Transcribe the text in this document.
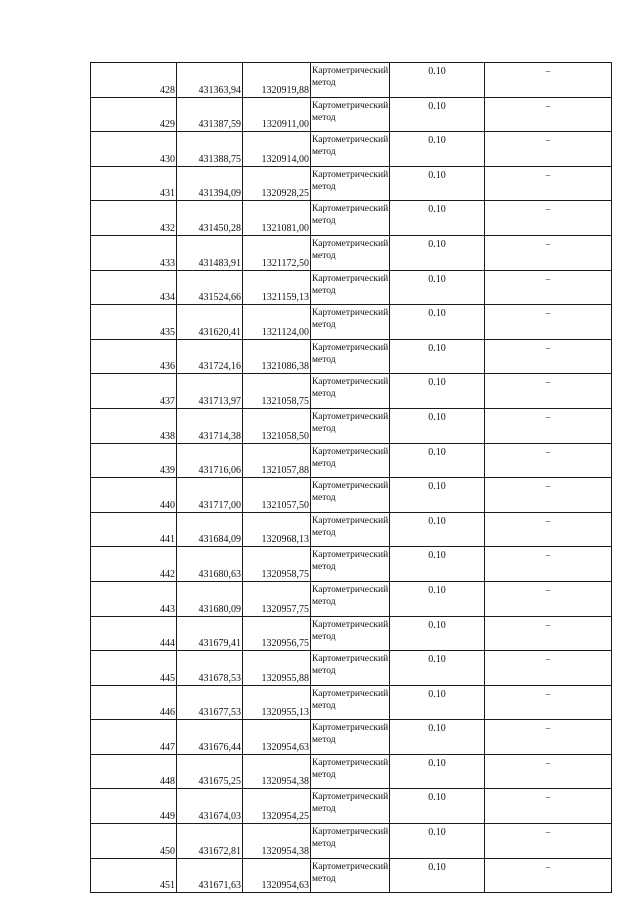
428	431363,94	1320919,88	Картометрический метод	0.10	–
429	431387,59	1320911,00	Картометрический метод	0.10	–
430	431388,75	1320914,00	Картометрический метод	0.10	–
431	431394,09	1320928,25	Картометрический метод	0.10	–
432	431450,28	1321081,00	Картометрический метод	0.10	–
433	431483,91	1321172,50	Картометрический метод	0.10	–
434	431524,66	1321159,13	Картометрический метод	0.10	–
435	431620,41	1321124,00	Картометрический метод	0.10	–
436	431724,16	1321086,38	Картометрический метод	0.10	–
437	431713,97	1321058,75	Картометрический метод	0.10	–
438	431714,38	1321058,50	Картометрический метод	0.10	–
439	431716,06	1321057,88	Картометрический метод	0.10	–
440	431717,00	1321057,50	Картометрический метод	0.10	–
441	431684,09	1320968,13	Картометрический метод	0.10	–
442	431680,63	1320958,75	Картометрический метод	0.10	–
443	431680,09	1320957,75	Картометрический метод	0.10	–
444	431679,41	1320956,75	Картометрический метод	0.10	–
445	431678,53	1320955,88	Картометрический метод	0.10	–
446	431677,53	1320955,13	Картометрический метод	0.10	–
447	431676,44	1320954,63	Картометрический метод	0.10	–
448	431675,25	1320954,38	Картометрический метод	0.10	–
449	431674,03	1320954,25	Картометрический метод	0.10	–
450	431672,81	1320954,38	Картометрический метод	0.10	–
451	431671,63	1320954,63	Картометрический метод	0.10	–
